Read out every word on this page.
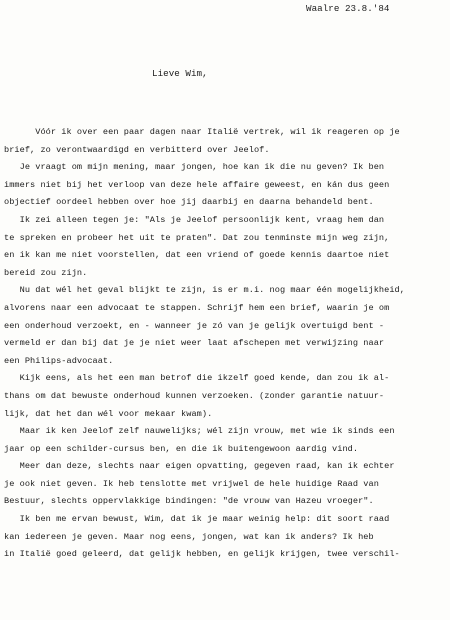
Waalre 23.8.'84
Lieve Wim,
Vóór ik over een paar dagen naar Italië vertrek, wil ik reageren op je
brief, zo verontwaardigd en verbitterd over Jeelof.
Je vraagt om mijn mening, maar jongen, hoe kan ik die nu geven? Ik ben
immers niet bij het verloop van deze hele affaire geweest, en kán dus geen
objectief oordeel hebben over hoe jij daarbij en daarna behandeld bent.
Ik zei alleen tegen je: "Als je Jeelof persoonlijk kent, vraag hem dan
te spreken en probeer het uit te praten". Dat zou tenminste mijn weg zijn,
en ik kan me niet voorstellen, dat een vriend of goede kennis daartoe niet
bereid zou zijn.
Nu dat wél het geval blijkt te zijn, is er m.i. nog maar één mogelijkheid,
alvorens naar een advocaat te stappen. Schrijf hem een brief, waarin je om
een onderhoud verzoekt, en - wanneer je zó van je gelijk overtuigd bent -
vermeld er dan bij dat je je niet weer laat afschepen met verwijzing naar
een Philips-advocaat.
Kijk eens, als het een man betrof die ikzelf goed kende, dan zou ik al-
thans om dat bewuste onderhoud kunnen verzoeken. (zonder garantie natuur-
lijk, dat het dan wél voor mekaar kwam).
Maar ik ken Jeelof zelf nauwelijks; wél zijn vrouw, met wie ik sinds een
jaar op een schilder-cursus ben, en die ik buitengewoon aardig vind.
Meer dan deze, slechts naar eigen opvatting, gegeven raad, kan ik echter
je ook niet geven. Ik heb tenslotte met vrijwel de hele huidige Raad van
Bestuur, slechts oppervlakkige bindingen: "de vrouw van Hazeu vroeger".
Ik ben me ervan bewust, Wim, dat ik je maar weinig help: dit soort raad
kan iedereen je geven. Maar nog eens, jongen, wat kan ik anders? Ik heb
in Italië goed geleerd, dat gelijk hebben, en gelijk krijgen, twee verschil-
